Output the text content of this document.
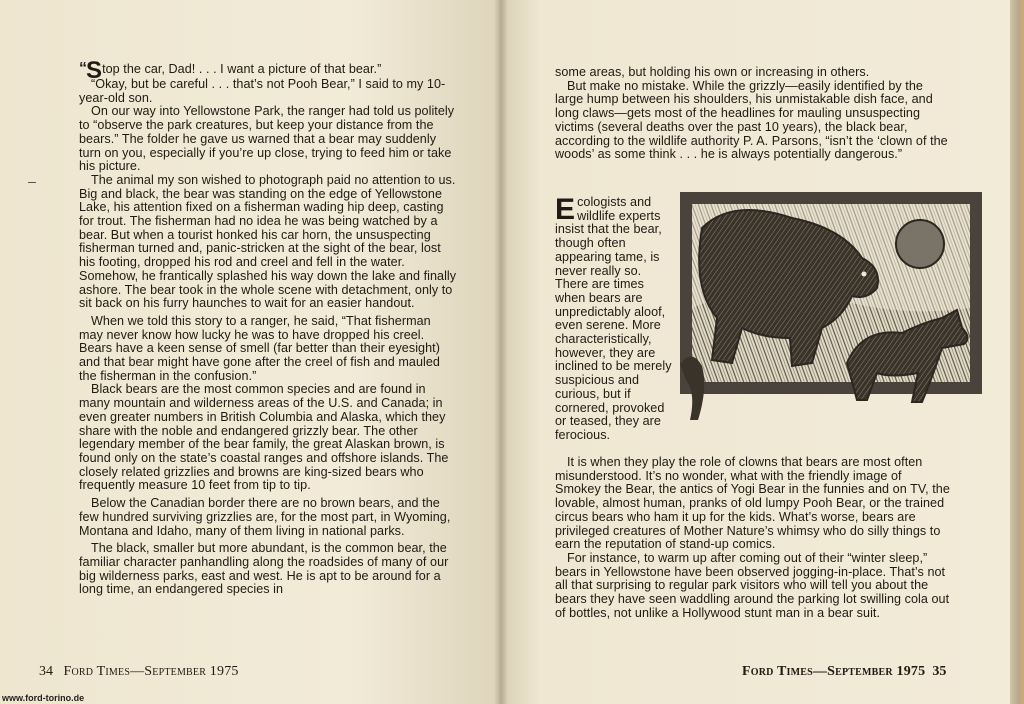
“Stop the car, Dad! . . . I want a picture of that bear.”

“Okay, but be careful . . . that’s not Pooh Bear,” I said to my 10-year-old son.

On our way into Yellowstone Park, the ranger had told us politely to “observe the park creatures, but keep your distance from the bears.” The folder he gave us warned that a bear may suddenly turn on you, especially if you’re up close, trying to feed him or take his picture.

The animal my son wished to photograph paid no attention to us. Big and black, the bear was standing on the edge of Yellowstone Lake, his attention fixed on a fisherman wading hip deep, casting for trout. The fisherman had no idea he was being watched by a bear. But when a tourist honked his car horn, the unsuspecting fisherman turned and, panic-stricken at the sight of the bear, lost his footing, dropped his rod and creel and fell in the water. Somehow, he frantically splashed his way down the lake and finally ashore. The bear took in the whole scene with detachment, only to sit back on his furry haunches to wait for an easier handout.

When we told this story to a ranger, he said, “That fisherman may never know how lucky he was to have dropped his creel. Bears have a keen sense of smell (far better than their eyesight) and that bear might have gone after the creel of fish and mauled the fisherman in the confusion.”

Black bears are the most common species and are found in many mountain and wilderness areas of the U.S. and Canada; in even greater numbers in British Columbia and Alaska, which they share with the noble and endangered grizzly bear. The other legendary member of the bear family, the great Alaskan brown, is found only on the state’s coastal ranges and offshore islands. The closely related grizzlies and browns are king-sized bears who frequently measure 10 feet from tip to tip.

Below the Canadian border there are no brown bears, and the few hundred surviving grizzlies are, for the most part, in Wyoming, Montana and Idaho, many of them living in national parks.

The black, smaller but more abundant, is the common bear, the familiar character panhandling along the roadsides of many of our big wilderness parks, east and west. He is apt to be around for a long time, an endangered species in

34 Ford Times—September 1975

some areas, but holding his own or increasing in others.

But make no mistake. While the grizzly—easily identified by the large hump between his shoulders, his unmistakable dish face, and long claws—gets most of the headlines for mauling unsuspecting victims (several deaths over the past 10 years), the black bear, according to the wildlife authority P. A. Parsons, “isn’t the ‘clown of the woods’ as some think . . . he is always potentially dangerous.”

Ecologists and wildlife experts insist that the bear, though often appearing tame, is never really so. There are times when bears are unpredictably aloof, even serene. More characteristically, however, they are inclined to be merely suspicious and curious, but if cornered, provoked or teased, they are ferocious.

It is when they play the role of clowns that bears are most often misunderstood. It’s no wonder, what with the friendly image of Smokey the Bear, the antics of Yogi Bear in the funnies and on TV, the lovable, almost human, pranks of old lumpy Pooh Bear, or the trained circus bears who ham it up for the kids. What’s worse, bears are privileged creatures of Mother Nature’s whimsy who do silly things to earn the reputation of stand-up comics.

For instance, to warm up after coming out of their “winter sleep,” bears in Yellowstone have been observed jogging-in-place. That’s not all that surprising to regular park visitors who will tell you about the bears they have seen waddling around the parking lot swilling cola out of bottles, not unlike a Hollywood stunt man in a bear suit.

Ford Times—September 1975 35
www.ford-torino.de
